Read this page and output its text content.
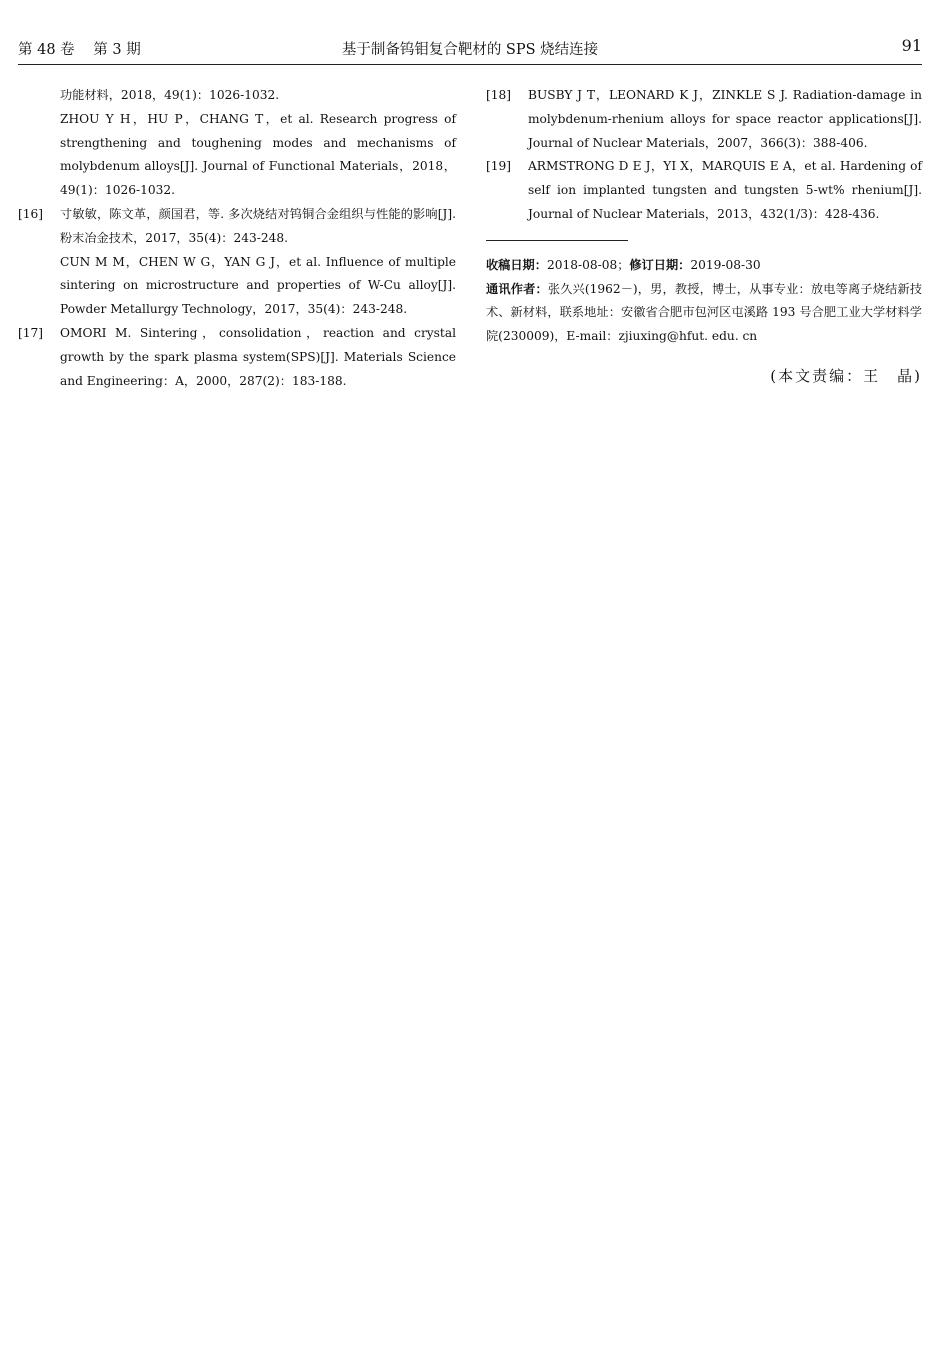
第 48 卷 第 3 期	基于制备钨钼复合靶材的 SPS 烧结连接	91

功能材料，2018，49(1)：1026-1032.

ZHOU Y H，HU P，CHANG T，et al. Research progress of strengthening and toughening modes and mechanisms of molybdenum alloys[J]. Journal of Functional Materials，2018，49(1)：1026-1032.

[16] 寸敏敏，陈文革，颜国君，等. 多次烧结对钨铜合金组织与性能的影响[J]. 粉末冶金技术，2017，35(4)：243-248.

CUN M M，CHEN W G，YAN G J，et al. Influence of multiple sintering on microstructure and properties of W-Cu alloy[J]. Powder Metallurgy Technology，2017，35(4)：243-248.

[17] OMORI M. Sintering，consolidation，reaction and crystal growth by the spark plasma system(SPS)[J]. Materials Science and Engineering：A，2000，287(2)：183-188.

[18] BUSBY J T，LEONARD K J，ZINKLE S J. Radiation-damage in molybdenum-rhenium alloys for space reactor applications[J]. Journal of Nuclear Materials，2007，366(3)：388-406.

[19] ARMSTRONG D E J，YI X，MARQUIS E A，et al. Hardening of self ion implanted tungsten and tungsten 5-wt% rhenium[J]. Journal of Nuclear Materials，2013，432(1/3)：428-436.

收稿日期：2018-08-08；修订日期：2019-08-30

通讯作者：张久兴(1962－)，男，教授，博士，从事专业：放电等离子烧结新技术、新材料，联系地址：安徽省合肥市包河区屯溪路 193 号合肥工业大学材料学院(230009)，E-mail：zjiuxing@hfut. edu. cn

(本文责编：王　晶)
